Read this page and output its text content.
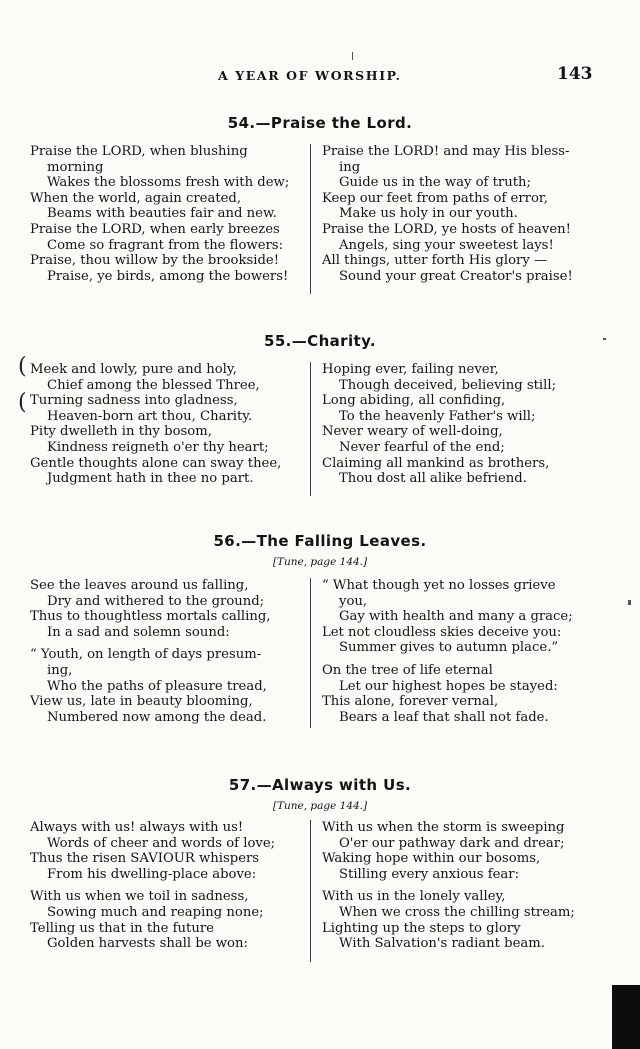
A YEAR OF WORSHIP.	143
54.—Praise the Lord.
Praise the LORD, when blushing
morning
Wakes the blossoms fresh with dew;
When the world, again created,
Beams with beauties fair and new.
Praise the LORD, when early breezes
Come so fragrant from the flowers:
Praise, thou willow by the brookside!
Praise, ye birds, among the bowers!
Praise the LORD! and may His bless-
ing
Guide us in the way of truth;
Keep our feet from paths of error,
Make us holy in our youth.
Praise the LORD, ye hosts of heaven!
Angels, sing your sweetest lays!
All things, utter forth His glory —
Sound your great Creator's praise!
55.—Charity.
(
(
Meek and lowly, pure and holy,
Chief among the blessed Three,
Turning sadness into gladness,
Heaven-born art thou, Charity.
Pity dwelleth in thy bosom,
Kindness reigneth o'er thy heart;
Gentle thoughts alone can sway thee,
Judgment hath in thee no part.
Hoping ever, failing never,
Though deceived, believing still;
Long abiding, all confiding,
To the heavenly Father's will;
Never weary of well-doing,
Never fearful of the end;
Claiming all mankind as brothers,
Thou dost all alike befriend.
56.—The Falling Leaves.
[Tune, page 144.]
See the leaves around us falling,
Dry and withered to the ground;
Thus to thoughtless mortals calling,
In a sad and solemn sound:
“ Youth, on length of days presum-
ing,
Who the paths of pleasure tread,
View us, late in beauty blooming,
Numbered now among the dead.
“ What though yet no losses grieve
you,
Gay with health and many a grace;
Let not cloudless skies deceive you:
Summer gives to autumn place.”
On the tree of life eternal
Let our highest hopes be stayed:
This alone, forever vernal,
Bears a leaf that shall not fade.
57.—Always with Us.
[Tune, page 144.]
Always with us! always with us!
Words of cheer and words of love;
Thus the risen SAVIOUR whispers
From his dwelling-place above:
With us when we toil in sadness,
Sowing much and reaping none;
Telling us that in the future
Golden harvests shall be won:
With us when the storm is sweeping
O'er our pathway dark and drear;
Waking hope within our bosoms,
Stilling every anxious fear:
With us in the lonely valley,
When we cross the chilling stream;
Lighting up the steps to glory
With Salvation's radiant beam.
